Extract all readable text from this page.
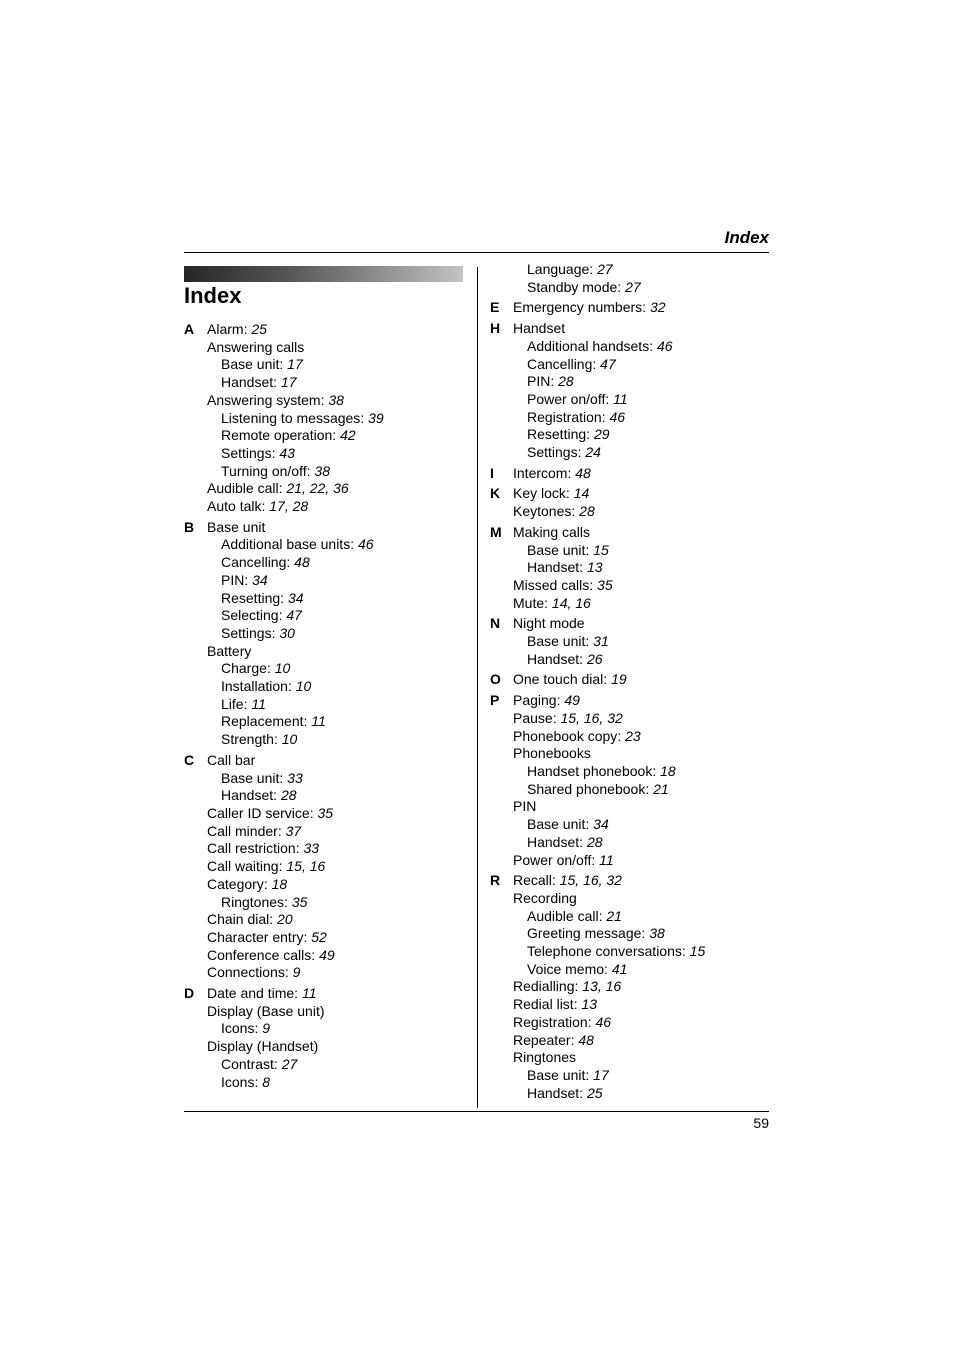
Index
Index
A Alarm: 25
Answering calls
Base unit: 17
Handset: 17
Answering system: 38
Listening to messages: 39
Remote operation: 42
Settings: 43
Turning on/off: 38
Audible call: 21, 22, 36
Auto talk: 17, 28
B Base unit
Additional base units: 46
Cancelling: 48
PIN: 34
Resetting: 34
Selecting: 47
Settings: 30
Battery
Charge: 10
Installation: 10
Life: 11
Replacement: 11
Strength: 10
C Call bar
Base unit: 33
Handset: 28
Caller ID service: 35
Call minder: 37
Call restriction: 33
Call waiting: 15, 16
Category: 18
Ringtones: 35
Chain dial: 20
Character entry: 52
Conference calls: 49
Connections: 9
D Date and time: 11
Display (Base unit)
Icons: 9
Display (Handset)
Contrast: 27
Icons: 8
Language: 27
Standby mode: 27
E Emergency numbers: 32
H Handset
Additional handsets: 46
Cancelling: 47
PIN: 28
Power on/off: 11
Registration: 46
Resetting: 29
Settings: 24
I	Intercom: 48
K Key lock: 14
Keytones: 28
M Making calls
Base unit: 15
Handset: 13
Missed calls: 35
Mute: 14, 16
N Night mode
Base unit: 31
Handset: 26
O One touch dial: 19
P Paging: 49
Pause: 15, 16, 32
Phonebook copy: 23
Phonebooks
Handset phonebook: 18
Shared phonebook: 21
PIN
Base unit: 34
Handset: 28
Power on/off: 11
R Recall: 15, 16, 32
Recording
Audible call: 21
Greeting message: 38
Telephone conversations: 15
Voice memo: 41
Redialling: 13, 16
Redial list: 13
Registration: 46
Repeater: 48
Ringtones
Base unit: 17
Handset: 25
59
